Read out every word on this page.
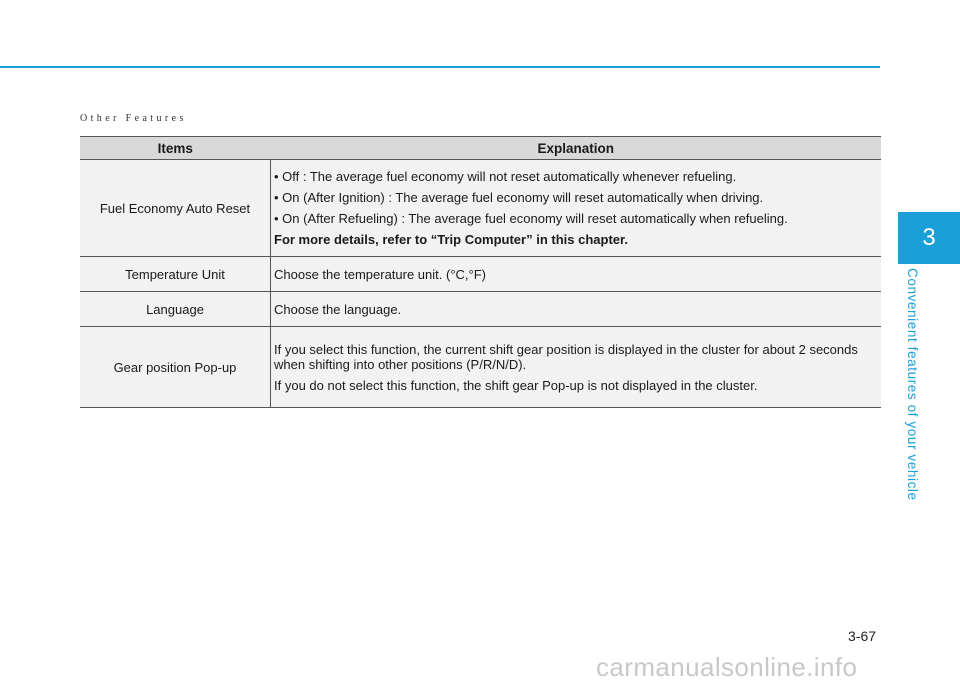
Other Features
3
Convenient features of your vehicle
Items	Explanation
Fuel Economy Auto Reset	• Off : The average fuel economy will not reset automatically whenever refueling.

• On (After Ignition) : The average fuel economy will reset automatically when driving.

• On (After Refueling) : The average fuel economy will reset automatically when refueling.

For more details, refer to “Trip Computer” in this chapter.

Temperature Unit	Choose the temperature unit. (°C,°F)
Language	Choose the language.
Gear position Pop-up	If you select this function, the current shift gear position is displayed in the cluster for about 2 seconds when shifting into other positions (P/R/N/D).

If you do not select this function, the shift gear Pop-up is not displayed in the cluster.

3-67
carmanualsonline.info
